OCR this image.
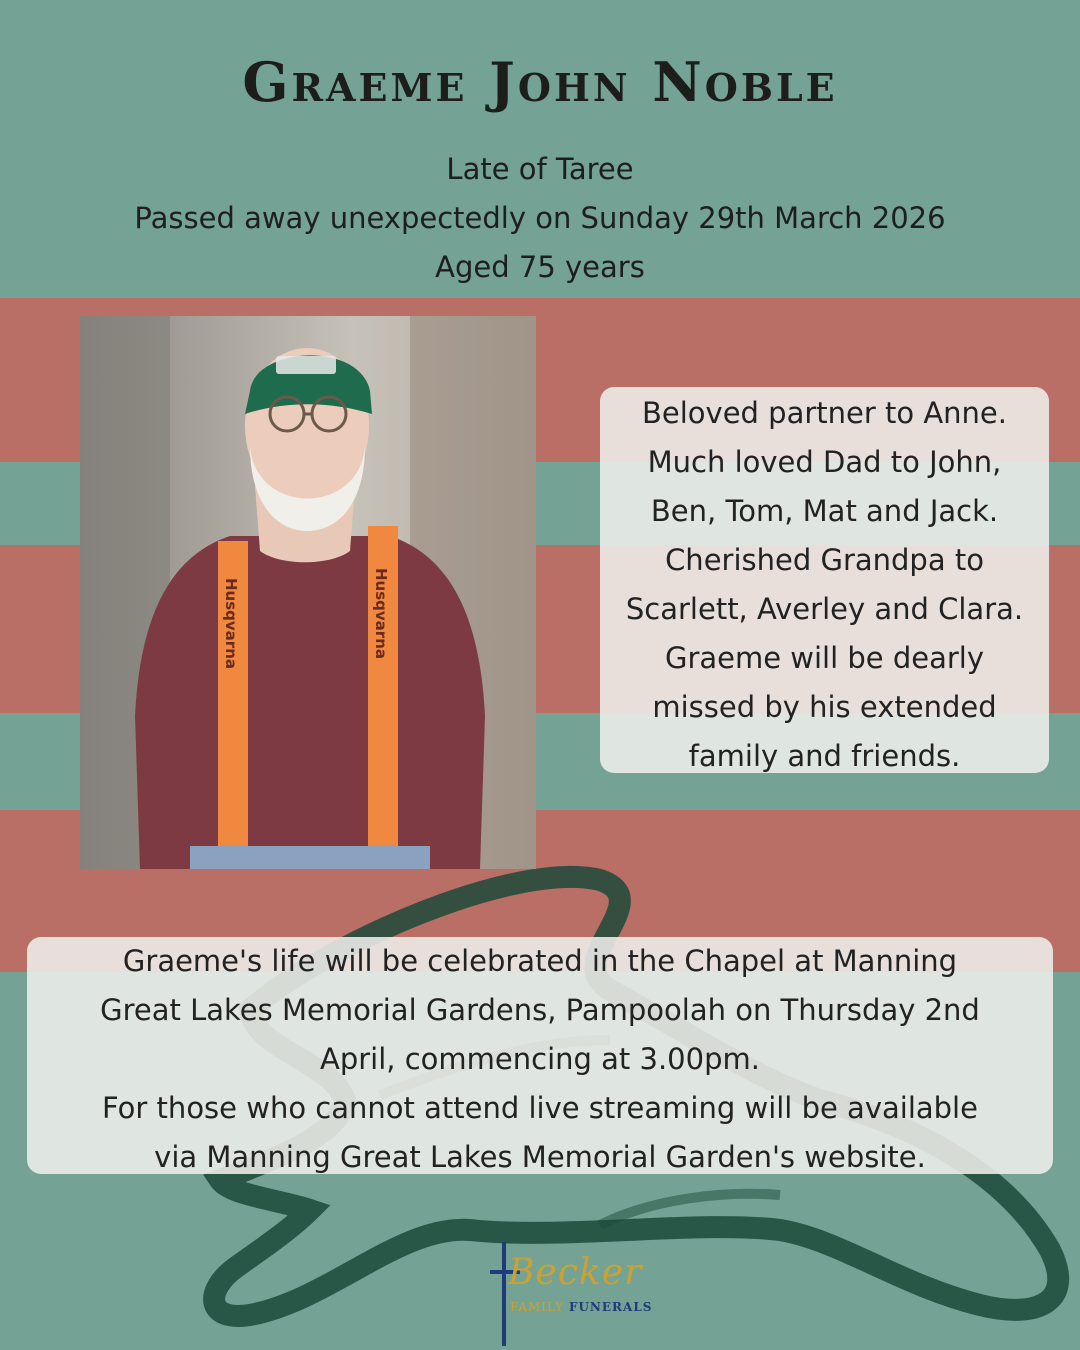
Graeme John Noble
Late of Taree
Passed away unexpectedly on Sunday 29th March 2026
Aged 75 years
Husqvarna	Husqvarna

Beloved partner to Anne.

Much loved Dad to John,

Ben, Tom, Mat and Jack.

Cherished Grandpa to

Scarlett, Averley and Clara.

Graeme will be dearly

missed by his extended

family and friends.

Graeme's life will be celebrated in the Chapel at Manning

Great Lakes Memorial Gardens, Pampoolah on Thursday 2nd

April, commencing at 3.00pm.

For those who cannot attend live streaming will be available

via Manning Great Lakes Memorial Garden's website.

Becker
FAMILY FUNERALS
